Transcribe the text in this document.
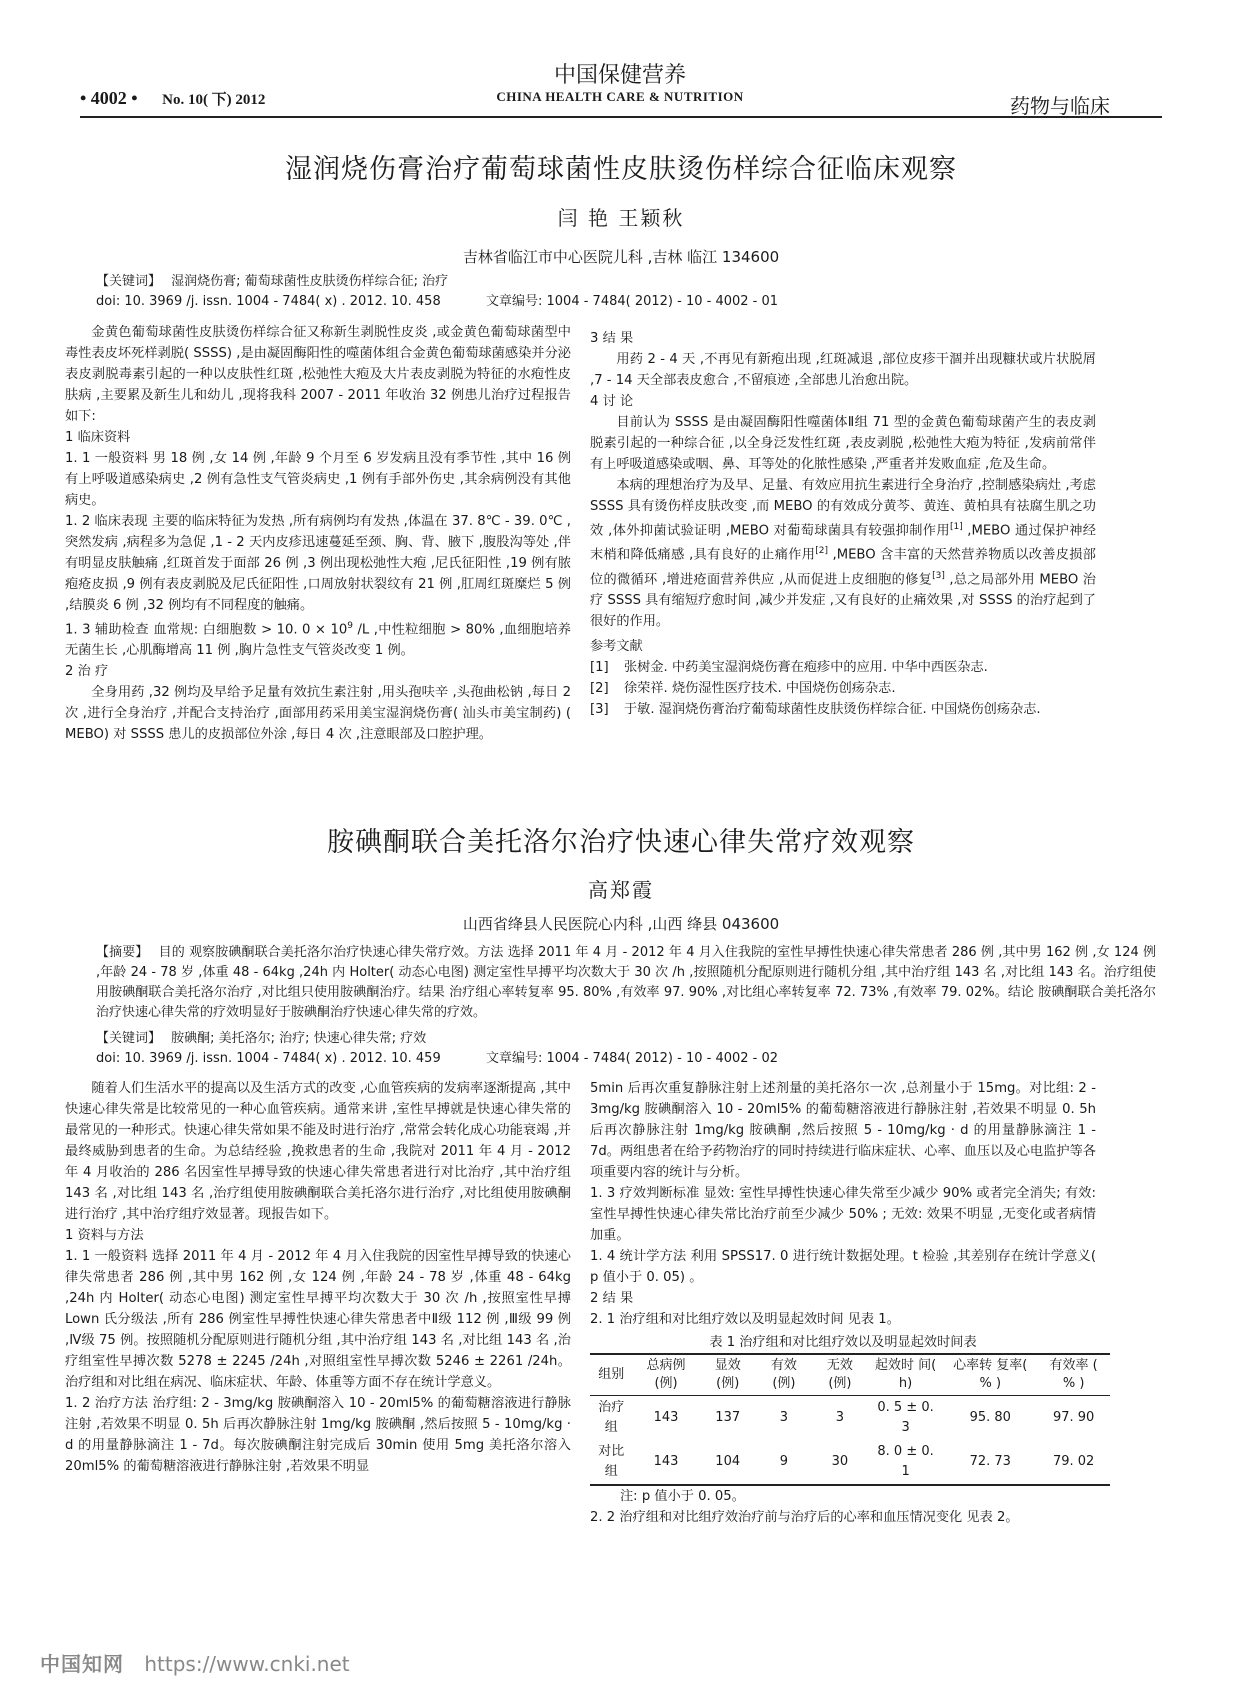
• 4002 • No. 10( 下) 2012
中国保健营养
CHINA HEALTH CARE & NUTRITION	药物与临床
湿润烧伤膏治疗葡萄球菌性皮肤烫伤样综合征临床观察
闫 艳 王颖秋
吉林省临江市中心医院儿科 ,吉林 临江 134600
【关键词】 湿润烧伤膏; 葡萄球菌性皮肤烫伤样综合征; 治疗
doi: 10. 3969 /j. issn. 1004 - 7484( x) . 2012. 10. 458	文章编号: 1004 - 7484( 2012) - 10 - 4002 - 01

金黄色葡萄球菌性皮肤烫伤样综合征又称新生剥脱性皮炎 ,或金黄色葡萄球菌型中毒性表皮坏死样剥脱( SSSS) ,是由凝固酶阳性的噬菌体组合金黄色葡萄球菌感染并分泌表皮剥脱毒素引起的一种以皮肤性红斑 ,松弛性大疱及大片表皮剥脱为特征的水疱性皮肤病 ,主要累及新生儿和幼儿 ,现将我科 2007 - 2011 年收治 32 例患儿治疗过程报告如下:

1 临床资料

1. 1 一般资料 男 18 例 ,女 14 例 ,年龄 9 个月至 6 岁发病且没有季节性 ,其中 16 例有上呼吸道感染病史 ,2 例有急性支气管炎病史 ,1 例有手部外伤史 ,其余病例没有其他病史。

1. 2 临床表现 主要的临床特征为发热 ,所有病例均有发热 ,体温在 37. 8℃ - 39. 0℃ ,突然发病 ,病程多为急促 ,1 - 2 天内皮疹迅速蔓延至颈、胸、背、腋下 ,腹股沟等处 ,伴有明显皮肤触痛 ,红斑首发于面部 26 例 ,3 例出现松弛性大疱 ,尼氏征阳性 ,19 例有脓疱疮皮损 ,9 例有表皮剥脱及尼氏征阳性 ,口周放射状裂纹有 21 例 ,肛周红斑糜烂 5 例 ,结膜炎 6 例 ,32 例均有不同程度的触痛。

1. 3 辅助检查 血常规: 白细胞数 > 10. $0 \times 10^9$ /L ,中性粒细胞 > 80% ,血细胞培养无菌生长 ,心肌酶增高 11 例 ,胸片急性支气管炎改变 1 例。

2 治 疗

全身用药 ,32 例均及早给予足量有效抗生素注射 ,用头孢呋辛 ,头孢曲松钠 ,每日 2 次 ,进行全身治疗 ,并配合支持治疗 ,面部用药采用美宝湿润烧伤膏( 汕头市美宝制药) ( MEBO) 对 SSSS 患儿的皮损部位外涂 ,每日 4 次 ,注意眼部及口腔护理。

3 结 果

用药 2 - 4 天 ,不再见有新疱出现 ,红斑减退 ,部位皮疹干涸并出现糠状或片状脱屑 ,7 - 14 天全部表皮愈合 ,不留痕迹 ,全部患儿治愈出院。

4 讨 论

目前认为 SSSS 是由凝固酶阳性噬菌体Ⅱ组 71 型的金黄色葡萄球菌产生的表皮剥脱素引起的一种综合征 ,以全身泛发性红斑 ,表皮剥脱 ,松弛性大疱为特征 ,发病前常伴有上呼吸道感染或咽、鼻、耳等处的化脓性感染 ,严重者并发败血症 ,危及生命。

本病的理想治疗为及早、足量、有效应用抗生素进行全身治疗 ,控制感染病灶 ,考虑 SSSS 具有烫伤样皮肤改变 ,而 MEBO 的有效成分黄芩、黄连、黄柏具有祛腐生肌之功效 ,体外抑菌试验证明 ,MEBO 对葡萄球菌具有较强抑制作用[1] ,MEBO 通过保护神经末梢和降低痛感 ,具有良好的止痛作用[2] ,MEBO 含丰富的天然营养物质以改善皮损部位的微循环 ,增进疮面营养供应 ,从而促进上皮细胞的修复[3] ,总之局部外用 MEBO 治疗 SSSS 具有缩短疗愈时间 ,减少并发症 ,又有良好的止痛效果 ,对 SSSS 的治疗起到了很好的作用。

参考文献

[1]	张树金. 中药美宝湿润烧伤膏在疱疹中的应用. 中华中西医杂志.
[2]	徐荣祥. 烧伤湿性医疗技术. 中国烧伤创疡杂志.
[3]	于敏. 湿润烧伤膏治疗葡萄球菌性皮肤烫伤样综合征. 中国烧伤创疡杂志.
胺碘酮联合美托洛尔治疗快速心律失常疗效观察
高郑霞
山西省绛县人民医院心内科 ,山西 绛县 043600
【摘要】 目的 观察胺碘酮联合美托洛尔治疗快速心律失常疗效。方法 选择 2011 年 4 月 - 2012 年 4 月入住我院的室性早搏性快速心律失常患者 286 例 ,其中男 162 例 ,女 124 例 ,年龄 24 - 78 岁 ,体重 48 - 64kg ,24h 内 Holter( 动态心电图) 测定室性早搏平均次数大于 30 次 /h ,按照随机分配原则进行随机分组 ,其中治疗组 143 名 ,对比组 143 名。治疗组使用胺碘酮联合美托洛尔治疗 ,对比组只使用胺碘酮治疗。结果 治疗组心率转复率 95. 80% ,有效率 97. 90% ,对比组心率转复率 72. 73% ,有效率 79. 02%。结论 胺碘酮联合美托洛尔治疗快速心律失常的疗效明显好于胺碘酮治疗快速心律失常的疗效。
【关键词】 胺碘酮; 美托洛尔; 治疗; 快速心律失常; 疗效
doi: 10. 3969 /j. issn. 1004 - 7484( x) . 2012. 10. 459	文章编号: 1004 - 7484( 2012) - 10 - 4002 - 02

随着人们生活水平的提高以及生活方式的改变 ,心血管疾病的发病率逐渐提高 ,其中快速心律失常是比较常见的一种心血管疾病。通常来讲 ,室性早搏就是快速心律失常的最常见的一种形式。快速心律失常如果不能及时进行治疗 ,常常会转化成心功能衰竭 ,并最终威胁到患者的生命。为总结经验 ,挽救患者的生命 ,我院对 2011 年 4 月 - 2012 年 4 月收治的 286 名因室性早搏导致的快速心律失常患者进行对比治疗 ,其中治疗组 143 名 ,对比组 143 名 ,治疗组使用胺碘酮联合美托洛尔进行治疗 ,对比组使用胺碘酮进行治疗 ,其中治疗组疗效显著。现报告如下。

1 资料与方法

1. 1 一般资料 选择 2011 年 4 月 - 2012 年 4 月入住我院的因室性早搏导致的快速心律失常患者 286 例 ,其中男 162 例 ,女 124 例 ,年龄 24 - 78 岁 ,体重 48 - 64kg ,24h 内 Holter( 动态心电图) 测定室性早搏平均次数大于 30 次 /h ,按照室性早搏 Lown 氏分级法 ,所有 286 例室性早搏性快速心律失常患者中Ⅱ级 112 例 ,Ⅲ级 99 例 ,Ⅳ级 75 例。按照随机分配原则进行随机分组 ,其中治疗组 143 名 ,对比组 143 名 ,治疗组室性早搏次数 5278 ± 2245 /24h ,对照组室性早搏次数 5246 ± 2261 /24h。治疗组和对比组在病况、临床症状、年龄、体重等方面不存在统计学意义。

1. 2 治疗方法 治疗组: 2 - 3mg/kg 胺碘酮溶入 10 - 20ml5% 的葡萄糖溶液进行静脉注射 ,若效果不明显 0. 5h 后再次静脉注射 1mg/kg 胺碘酮 ,然后按照 5 - 10mg/kg · d 的用量静脉滴注 1 - 7d。每次胺碘酮注射完成后 30min 使用 5mg 美托洛尔溶入 20ml5% 的葡萄糖溶液进行静脉注射 ,若效果不明显

5min 后再次重复静脉注射上述剂量的美托洛尔一次 ,总剂量小于 15mg。对比组: 2 - 3mg/kg 胺碘酮溶入 10 - 20ml5% 的葡萄糖溶液进行静脉注射 ,若效果不明显 0. 5h 后再次静脉注射 1mg/kg 胺碘酮 ,然后按照 5 - 10mg/kg · d 的用量静脉滴注 1 - 7d。两组患者在给予药物治疗的同时持续进行临床症状、心率、血压以及心电监护等各项重要内容的统计与分析。

1. 3 疗效判断标准 显效: 室性早搏性快速心律失常至少减少 90% 或者完全消失; 有效: 室性早搏性快速心律失常比治疗前至少减少 50% ; 无效: 效果不明显 ,无变化或者病情加重。

1. 4 统计学方法 利用 SPSS17. 0 进行统计数据处理。t 检验 ,其差别存在统计学意义( p 值小于 0. 05) 。

2 结 果

2. 1 治疗组和对比组疗效以及明显起效时间 见表 1。

表 1 治疗组和对比组疗效以及明显起效时间表
组别	总病例 (例)	显效 (例)	有效 (例)	无效 (例)	起效时 间( h)	心率转 复率( % )	有效率 ( % )
治疗组	143	137	3	3	0. 5 ± 0. 3	95. 80	97. 90
对比组	143	104	9	30	8. 0 ± 0. 1	72. 73	79. 02

注: p 值小于 0. 05。

2. 2 治疗组和对比组疗效治疗前与治疗后的心率和血压情况变化 见表 2。

中国知网 https://www.cnki.net
